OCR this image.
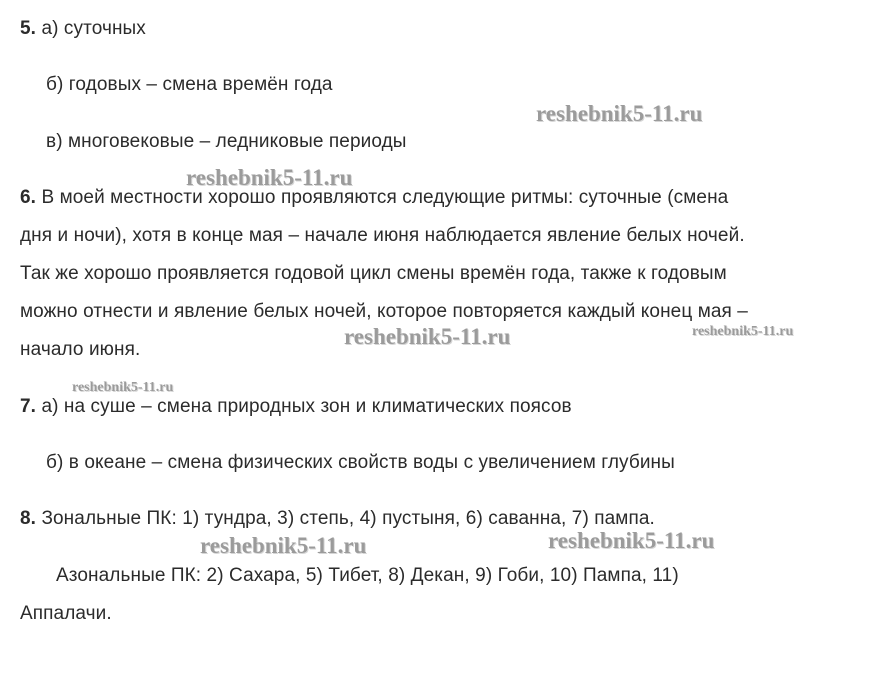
5. а) суточных
б) годовых – смена времён года
в) многовековые – ледниковые периоды
6. В моей местности хорошо проявляются следующие ритмы: суточные (смена
дня и ночи), хотя в конце мая – начале июня наблюдается явление белых ночей.
Так же хорошо проявляется годовой цикл смены времён года, также к годовым
можно отнести и явление белых ночей, которое повторяется каждый конец мая –
начало июня.
7. а) на суше – смена природных зон и климатических поясов
б) в океане – смена физических свойств воды с увеличением глубины
8. Зональные ПК: 1) тундра, 3) степь, 4) пустыня, 6) саванна, 7) пампа.
Азональные ПК: 2) Сахара, 5) Тибет, 8) Декан, 9) Гоби, 10) Пампа, 11)
Аппалачи.
reshebnik5-11.ru
reshebnik5-11.ru
reshebnik5-11.ru	reshebnik5-11.ru
reshebnik5-11.ru
reshebnik5-11.ru	reshebnik5-11.ru
